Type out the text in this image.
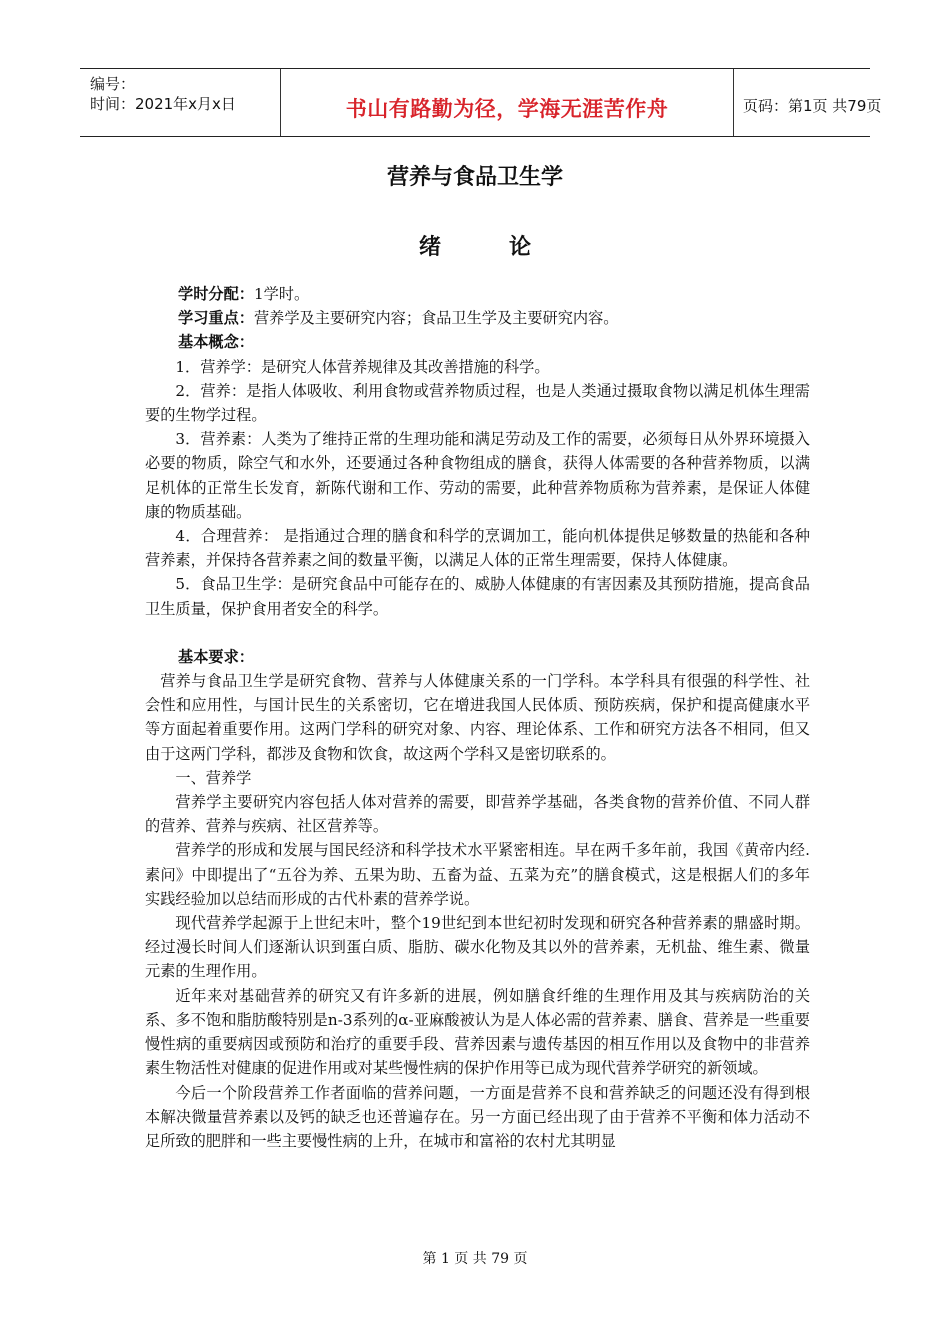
编号：
时间：2021年x月x日	书山有路勤为径，学海无涯苦作舟	页码：第1页 共79页
营养与食品卫生学
绪	论

学时分配：1学时。

学习重点：营养学及主要研究内容；食品卫生学及主要研究内容。

基本概念：

1．营养学：是研究人体营养规律及其改善措施的科学。

2．营养：是指人体吸收、利用食物或营养物质过程，也是人类通过摄取食物以满足机体生理需要的生物学过程。

3．营养素：人类为了维持正常的生理功能和满足劳动及工作的需要，必须每日从外界环境摄入必要的物质，除空气和水外，还要通过各种食物组成的膳食，获得人体需要的各种营养物质，以满足机体的正常生长发育，新陈代谢和工作、劳动的需要，此种营养物质称为营养素，是保证人体健康的物质基础。

4．合理营养： 是指通过合理的膳食和科学的烹调加工，能向机体提供足够数量的热能和各种营养素，并保持各营养素之间的数量平衡，以满足人体的正常生理需要，保持人体健康。

5．食品卫生学：是研究食品中可能存在的、威胁人体健康的有害因素及其预防措施，提高食品卫生质量，保护食用者安全的科学。

基本要求：

营养与食品卫生学是研究食物、营养与人体健康关系的一门学科。本学科具有很强的科学性、社会性和应用性，与国计民生的关系密切，它在增进我国人民体质、预防疾病，保护和提高健康水平等方面起着重要作用。这两门学科的研究对象、内容、理论体系、工作和研究方法各不相同，但又由于这两门学科，都涉及食物和饮食，故这两个学科又是密切联系的。

一、营养学

营养学主要研究内容包括人体对营养的需要，即营养学基础，各类食物的营养价值、不同人群的营养、营养与疾病、社区营养等。

营养学的形成和发展与国民经济和科学技术水平紧密相连。早在两千多年前，我国《黄帝内经.素问》中即提出了“五谷为养、五果为助、五畜为益、五菜为充”的膳食模式，这是根据人们的多年实践经验加以总结而形成的古代朴素的营养学说。

现代营养学起源于上世纪末叶，整个19世纪到本世纪初时发现和研究各种营养素的鼎盛时期。经过漫长时间人们逐渐认识到蛋白质、脂肪、碳水化物及其以外的营养素，无机盐、维生素、微量元素的生理作用。

近年来对基础营养的研究又有许多新的进展，例如膳食纤维的生理作用及其与疾病防治的关系、多不饱和脂肪酸特别是n-3系列的α-亚麻酸被认为是人体必需的营养素、膳食、营养是一些重要慢性病的重要病因或预防和治疗的重要手段、营养因素与遗传基因的相互作用以及食物中的非营养素生物活性对健康的促进作用或对某些慢性病的保护作用等已成为现代营养学研究的新领域。

今后一个阶段营养工作者面临的营养问题，一方面是营养不良和营养缺乏的问题还没有得到根本解决微量营养素以及钙的缺乏也还普遍存在。另一方面已经出现了由于营养不平衡和体力活动不足所致的肥胖和一些主要慢性病的上升，在城市和富裕的农村尤其明显

第 1 页 共 79 页
